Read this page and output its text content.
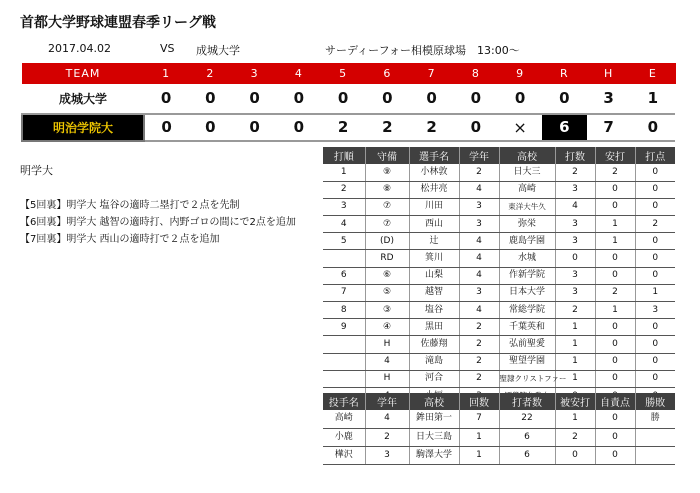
首都大学野球連盟春季リーグ戦
2017.04.02	VS 成城大学	サーディーフォー相模原球場　13:00～
TEAM	1	2	3	4	5	6	7	8	9	R	H	E
成城大学	0	0	0	0	0	0	0	0	0	0	3	1
明治学院大	0	0	0	0	2	2	2	0	×	6	7	0
明学大
【5回裏】明学大 塩谷の適時二塁打で２点を先制
【6回裏】明学大 越智の適時打、内野ゴロの間にで2点を追加
【7回裏】明学大 西山の適時打で２点を追加
打順	守備	選手名	学年	高校	打数	安打	打点
1	⑨	小林敦	2	日大三	2	2	0
2	⑧	松井亮	4	高崎	3	0	0
3	⑦	川田	3	東洋大牛久	4	0	0
4	⑦	西山	3	弥栄	3	1	2
5	(D)	辻	4	鹿島学園	3	1	0
	RD	箕川	4	水城	0	0	0
6	⑥	山梨	4	作新学院	3	0	0
7	⑤	越智	3	日本大学	3	2	1
8	③	塩谷	4	常総学院	2	1	3
9	④	黒田	2	千葉英和	1	0	0
	H	佐藤翔	2	弘前聖愛	1	0	0
	4	滝島	2	聖望学園	1	0	0
	H	河合	2	聖隷クリストファー	1	0	0

投手名	学年	高校	回数	打者数	被安打	自責点	勝敗
高崎	4	鉾田第一	7	22	1	0	勝
小鹿	2	日大三島	1	6	2	0	
樺沢	3	駒澤大学	1	6	0	0	
